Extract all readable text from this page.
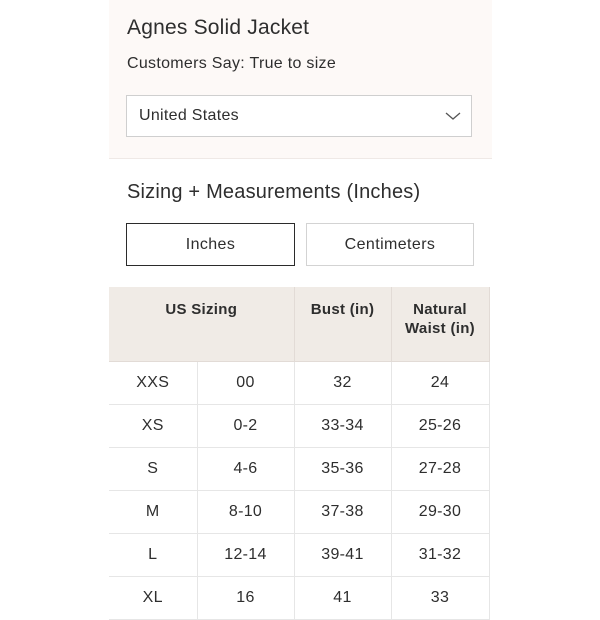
Agnes Solid Jacket
Customers Say: True to size
United States
Sizing + Measurements (Inches)
Inches	Centimeters
US Sizing		Bust (in)	Natural Waist (in)
XXS	00	32	24
XS	0-2	33-34	25-26
S	4-6	35-36	27-28
M	8-10	37-38	29-30
L	12-14	39-41	31-32
XL	16	41	33
